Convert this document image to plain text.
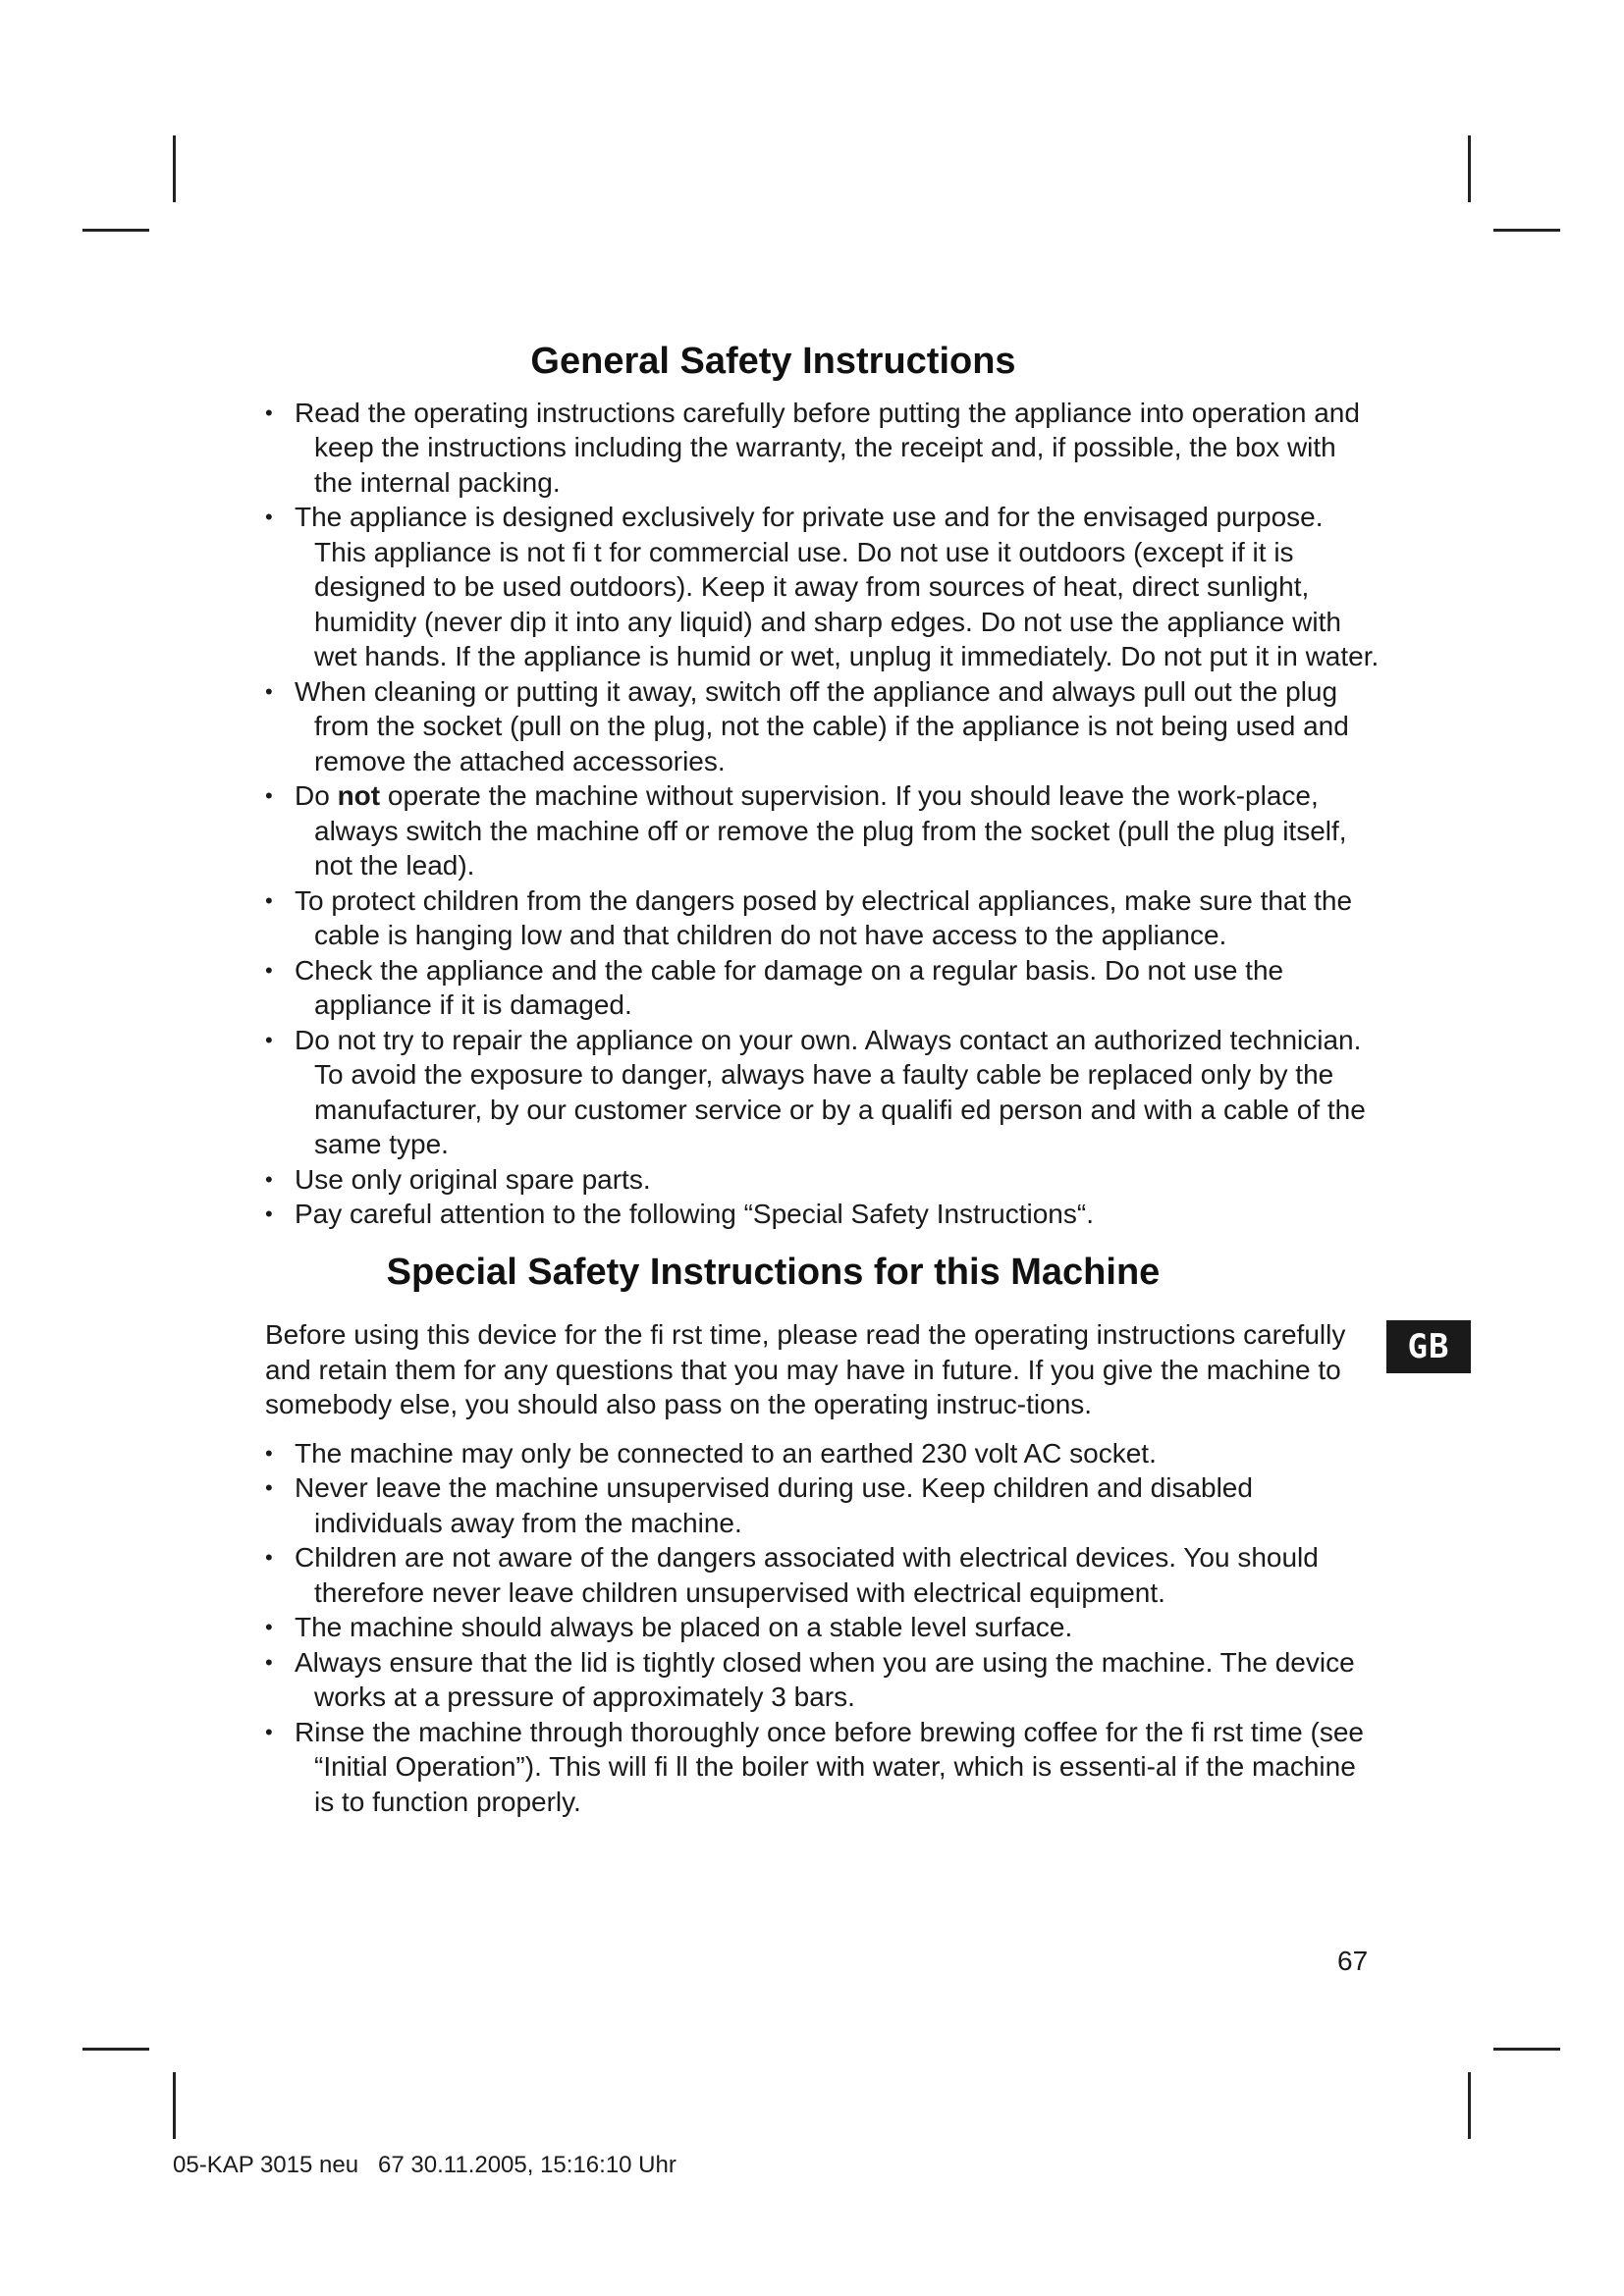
General Safety Instructions
• Read the operating instructions carefully before putting the appliance into operation and keep the instructions including the warranty, the receipt and, if possible, the box with the internal packing.
• The appliance is designed exclusively for private use and for the envisaged purpose. This appliance is not fi t for commercial use. Do not use it outdoors (except if it is designed to be used outdoors). Keep it away from sources of heat, direct sunlight, humidity (never dip it into any liquid) and sharp edges. Do not use the appliance with wet hands. If the appliance is humid or wet, unplug it immediately. Do not put it in water.
• When cleaning or putting it away, switch off the appliance and always pull out the plug from the socket (pull on the plug, not the cable) if the appliance is not being used and remove the attached accessories.
• Do not operate the machine without supervision. If you should leave the work-place, always switch the machine off or remove the plug from the socket (pull the plug itself, not the lead).
• To protect children from the dangers posed by electrical appliances, make sure that the cable is hanging low and that children do not have access to the appliance.
• Check the appliance and the cable for damage on a regular basis. Do not use the appliance if it is damaged.
• Do not try to repair the appliance on your own. Always contact an authorized technician. To avoid the exposure to danger, always have a faulty cable be replaced only by the manufacturer, by our customer service or by a qualifi ed person and with a cable of the same type.
• Use only original spare parts.
• Pay careful attention to the following “Special Safety Instructions“.
Special Safety Instructions for this Machine

Before using this device for the fi rst time, please read the operating instructions carefully and retain them for any questions that you may have in future. If you give the machine to somebody else, you should also pass on the operating instruc-tions.

• The machine may only be connected to an earthed 230 volt AC socket.
• Never leave the machine unsupervised during use. Keep children and disabled individuals away from the machine.
• Children are not aware of the dangers associated with electrical devices. You should therefore never leave children unsupervised with electrical equipment.
• The machine should always be placed on a stable level surface.
• Always ensure that the lid is tightly closed when you are using the machine. The device works at a pressure of approximately 3 bars.
• Rinse the machine through thoroughly once before brewing coffee for the fi rst time (see “Initial Operation”). This will fi ll the boiler with water, which is essenti-al if the machine is to function properly.
GB
67
05-KAP 3015 neu   67 30.11.2005, 15:16:10 Uhr
